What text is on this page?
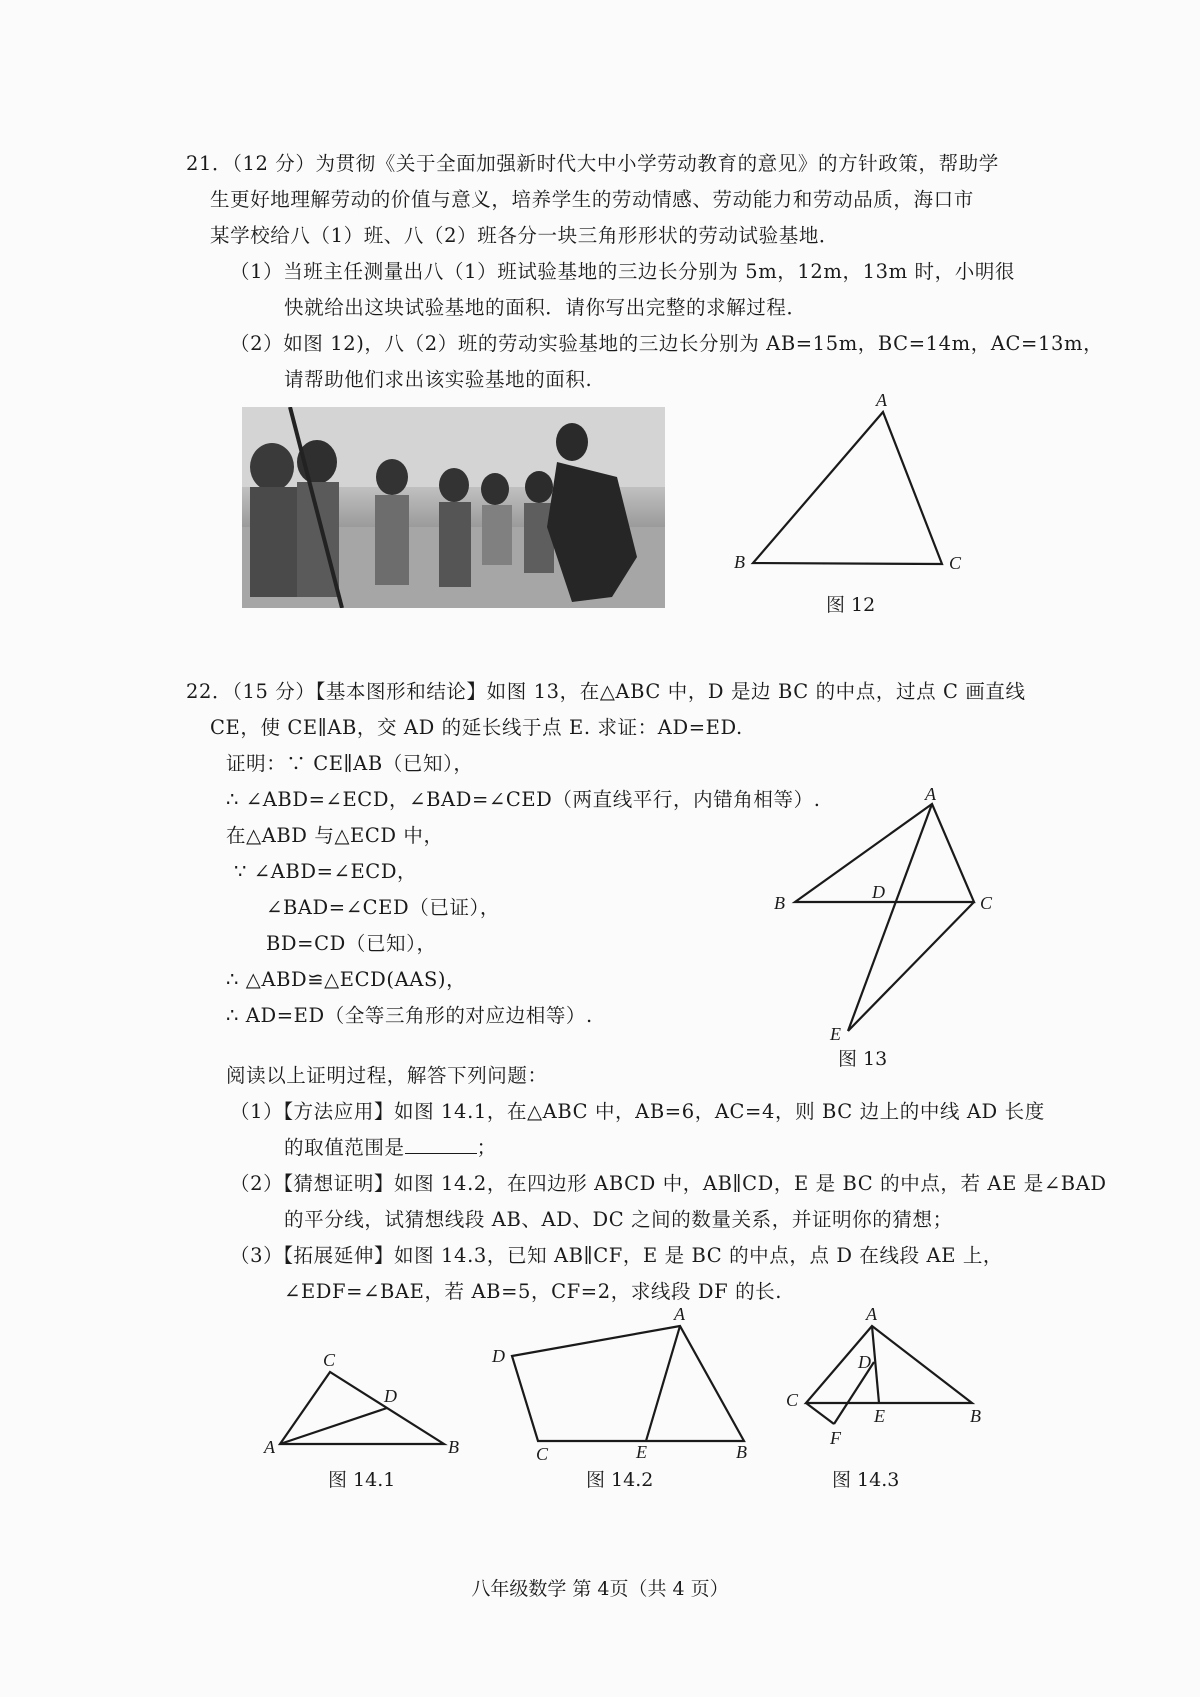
21．（12 分）为贯彻《关于全面加强新时代大中小学劳动教育的意见》的方针政策，帮助学
生更好地理解劳动的价值与意义，培养学生的劳动情感、劳动能力和劳动品质，海口市
某学校给八（1）班、八（2）班各分一块三角形形状的劳动试验基地．
（1）当班主任测量出八（1）班试验基地的三边长分别为 5m，12m，13m 时，小明很
快就给出这块试验基地的面积．请你写出完整的求解过程．
（2）如图 12)，八（2）班的劳动实验基地的三边长分别为 AB=15m，BC=14m，AC=13m，
请帮助他们求出该实验基地的面积.
A
B	C
图 12
22．（15 分）【基本图形和结论】如图 13，在△ABC 中，D 是边 BC 的中点，过点 C 画直线
CE，使 CE∥AB，交 AD 的延长线于点 E. 求证：AD=ED.
证明：∵ CE∥AB（已知），
∴ ∠ABD=∠ECD，∠BAD=∠CED（两直线平行，内错角相等）.
在△ABD 与△ECD 中，
∵ ∠ABD=∠ECD，
∠BAD=∠CED（已证），
BD=CD（已知），
∴ △ABD≌△ECD(AAS)，
∴ AD=ED（全等三角形的对应边相等）.
阅读以上证明过程，解答下列问题：
（1）【方法应用】如图 14.1，在△ABC 中，AB=6，AC=4，则 BC 边上的中线 AD 长度
的取值范围是	；
（2）【猜想证明】如图 14.2，在四边形 ABCD 中，AB∥CD，E 是 BC 的中点，若 AE 是∠BAD
的平分线，试猜想线段 AB、AD、DC 之间的数量关系，并证明你的猜想；
（3）【拓展延伸】如图 14.3，已知 AB∥CF，E 是 BC 的中点，点 D 在线段 AE 上，
∠EDF=∠BAE，若 AB=5，CF=2，求线段 DF 的长.
A
B	C
D
E
图 13
C
A	B
D
图 14.1
A
D
C	E	B
图 14.2
A
D
C
E	B
F
图 14.3
八年级数学 第 4页（共 4 页）
